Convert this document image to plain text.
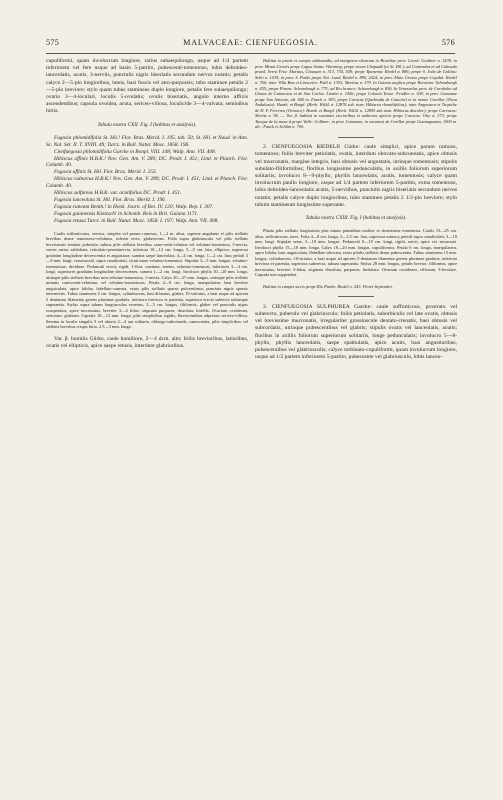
575	MALVACEAE: CIENFUEGOSIA.	576

cupuliformi, quam involucrum longiore, rarius subaequilongo, usque ad 1/4 partem inferiorem vel fere usque ad basin 5-partito, pubescenti-tomentoso, lobis deltoideo-lanceolatis, acutis, 3-nerviis, punctulis nigris biseriatis secundum nervos notatis; petalis calyce 2—5-plo longioribus, luteis, basi fuscis vel atro-purpureis; tubo staminee petalis 2—5-plo breviore; stylo quam tubus stamineus duplo longiore, petalis fere subaequilongo; ovario 3—4-loculari, loculis 5-ovulatis; ovulis biseriatis, angulo interno affixis ascendentibus; capsula ovoidea, acuta, sericeo-villosa, loculicide 3—4-valvata; seminibus hirtis.

Tabula nostra CXII. Fig. I (habitus et analysis).

Fugosia phlomidifolia St. Hil.! Flor. Bras. Merid. I. 195. tab. 50; St. Hil. et Naud. in Ann. Sc. Nat. Sér. II. T. XVIII. 49; Turcz. in Bull. Natur. Mosc. 1858. 196.

Cienfuegosia phlomidifolia Garcke in Bonpl. VIII. 148; Walp. Ann. VII. 408.

Hibiscus affinis H.B.K.! Nov. Gen. Am. V. 289; DC. Prodr. I. 451; Lind. et Planch. Flor. Columb. 40.

Fugosia affinis St. Hil. Flor. Bras. Merid. I. 253.

Hibiscus vulturcus H.B.K.! Nov. Gen. Am. V. 289; DC. Prodr. I. 451; Lind. et Planch. Flor. Columb. 40.

Hibiscus sulfureus H.B.K. var. acutifolius DC. Prodr. I. 451.

Fugosia lanceolata St. Hil. Flor. Bras. Merid. I. 196.

Fugosia cuneata Benth.! in Hook. Journ. of Bot. IV. 120; Walp. Rep. I. 307.

Fugosia guianensis Klotzsch! in Schomb. Reis in Brit. Guiana 1171.

Fugosia retusa Turcz. in Bull. Natur. Mosc. 1858. I. 197; Walp. Ann. VII. 408.

Caulis suffruticosus, erectus, simplex vel parum ramosus, 1—2 m. altus, superne angulatus et pilis stellatis brevibus dense tomentoso-velutinus, inferne teres, glabrescens. Folia supra glabriuscula vel pilis stellatis brevissimis tenuiter puberula, subtus pilis stellatis brevibus cano-venti-velutina vel velutino-tomentosa, 5-nervia, varius rarius sublobata, reticulato-penniinervia; inferiora 10—12 cm. longa, 5—9 cm. lata, elliptica; superiora gradatim longitudine decrescentia et angustiora; summa saepe lanceolata, 4—4 cm. longa, 1—2 cm. lata; petioli 3—8 mm. longi, crassiusculi, supra canaliculati, sicuti more velutino-tomentosi. Stipulae 3—5 mm. longae, velutino-tomentosae, deciduae. Pedunculi erecti, rigidi, 1-flori, continui, teretes, velutino-tomentosi, inferiores 3—4 cm. longi, superiores gradatim longitudine decrescentes, summi 1—2 cm. longi. Involucri phylla 10—20 mm. longa, utrinque pilis stellatis brevibus min velutino-tomentosa, 1-nervia. Calyx 20—27 mm. longus, utrinque pilis stellatis minutis canescenti-velutinus vel velutino-tomentosus. Petala 4—8 cm. longa, inaequilatera, basi breviter unguiculata, apice biloba, fabellato-cuneata, extus pilis stellatis sparse pulverulenta, punctata nigris sparsis intermixtis. Tubus staminens 2 cm. longus, cylindraceus, basi dilatatus, glaber, 10-sulcatus, a basi usque ad apicem 5 dentatum filamenta gerens plurimae gradatis, inferiora breviora et patentia, superiora erecta subtecta tubuisque superantia. Stylus supra tubum longiusculus exsertus, 3—5 cm. longus, filiformis, glaber vel punctulis nigris exasperatus, apice incrassatus, breviter 3—4 fidus; stigmata purpurea, dissoluta, hirtella. Ovarium ovoideum, sericeum, glabrum. Capsula 10—12 mm. longa, pilis simplicibus rigidis, flavescentibus adpressis sericeo-villosa. Semina in loculis singulis 5 vel abortu 2—4 aut solitaria, oblongo-subrotunda, canescentia, pilis simplicibus vel stellatis brevibus crispis hirta, 2.5—3 mm. longa.

Var. β. humilis Gürke, caule humiliore, 2—4 dcm. alto; foliis brevioribus, latioribus, ovatis vel ellipticis, apice saepe retusis, interdum glabrioribus.

Habitat in pratis et campis subhumidis, ad marginem silvarum in Brasiliae prov. Ceará: Gardner n. 1439; in prov. Minas Geraës prope Lagoa Santa: Warming; prope vicum Chapadã (ex St. Hil.); ad Contendas et ad Caboado praed. Serra Fria: Martius, Claussen n. 313, 734, 549; prope Ypanema: Riedel n. 886; prope S. João de Gollins: Sello n. 1439; in prov. S. Paulo prope Ytú: Lund, Riedel n. 890, 2024; in prov. Mato Grosso prope Cuyabá: Riedel n. 760; inter Villa Boa et Linoceiro: Pohl n. 1353; Martius n. 379. In Guiana anglica prope Roraima: Schomburgk n. 455; prope Pirara: Schomburgk n. 775; ad Rio branco: Schomburgk n. 856. In Venezuelas prov. de Carabobo ad Llanos de Camoruca et de San Carlos: Linden n. 1456; prope Colonia Tovar: Fendler n. 108; in prov. Cumanae prope San Antonio, alt. 600 m. Funck n. 383; prope Caracas (Quebrada de Catuche) et in monte Cavellar (Nova Andalusia): Humb. et Bonpl. (Herb. Willd. n. 12876 sub. nom. Hibiscus rhombifolius); inter Angostura et Tropiche de D. F. Ferreros (Orinoco): Humb. et Bonpl. (Herb. Willd. n. 12895 sub nom. Hibiscus discolor); prope Carracas: Moritz n. 96. — Var. β. habitat in savannis siccioribus et umbrosis apricis prope Caracas: Otto n. 373; prope Tunque de la mesa d prope Valle: Gollmer; in prov. Cumanae, in savannis de Carillar prope Guanaguama, 1000 m. alt.: Funck et Schlim n. 700.

2. CIENFUEGOSIA RIEDELII Gürke: caule simplici, apice parum ramoso, tomentoso; foliis breviter petiolatis, ovatis, interdum obovato-subcuneatis, apice obtusis vel mucronatis, margine integris, basi obtusis vel angustatis, utrinque tomentosis; stipulis subulato-filiformibus; floribus longissime pedunculatis, in axillis foliorum superiorum solitariis; involucro 8—9-phyllo, phyllis lanceolatis, acutis, tomentosis; calyce quam involucrum paullo longiore, usque ad 1/4 partem inferiorem 5-partito, extus tomentoso, lobis deltoideo-lanceolatis acutis, 5-nerviibus, punctulis nigris biseriatis secundum nervos notatis; petalis calyce duplo longioribus, tubo stamineo petalis 2 1/2-plo breviore; stylo tubum stamineum longissime superante.

Tabula nostra CXIII. Fig. I (habitus et analysis).

Planta pilis stellatis longissimis plus minus patentibus moliter et densissime tomentosa. Caulis 15—25 cm. altus, suffruticosus, teres. Folia 4—8 cm. longa, 3—3.5 cm. lata, superiora minora; petioli supra canaliculati, 3—10 mm. longi. Stipulae setae, 5—10 mm. longae. Pedunculi 6—10 cm. longi, rigidi, erecti, apice vix incrassati. Involucri phylla 15—18 mm. longa. Calyx 18—20 mm. longus, cupuliformis. Petala 6 cm. longa, inaequilatera, apice biloba, basi unguiculata, flabellato-obovata, extus pilulis stellatis dense pubescentia. Tubus staminens 15 mm. longus, cylindraceus, 10-striatus, a basi usque ad apicem 5-dentatum filamenta gerens plurimae gradatis; inferiora breviora et patentia, superiora suberecta, tubum superantia. Stylus 28 mm. longus, petalis brevior, filiformis, apice incrassatus, breviter 3-fidus; stigmata dissoluta, purpurea, fimbriata. Ovarium ovoideum, villosum, 3-loculare. Capsula non suppetebat.

Habitat in campis siccis prope Rio Pardo: Riedel n. 543. Floret Septembri.

3. CIENFUEGOSIA SULPHUREA Garcke: caule suffruticoso, prostrato vel suberecto, puberulo vel glabriusculo; foliis petiolatis, suborbiculis vel late ovatis, obtusis vel brevissime mucronatis, irregulariter grossiuscule dentato-crenatis, basi obtusis vel subcordatis, utrinque pubescentibus vel glabris; stipulis ovatis vel lanceolatis, acutis; floribus in axillis foliorum superiorum solitariis, longe pedunculatis; involucro 5—8-phyllo, phyllis lanceolatis, saepe spathulatis, apice acutis, basi angustioribus, pubescentibus vel glabriusculis; calyce turbinato-cupuliformi, quam involucrum longiore, usque ad 1/2 partem inferiorem 5-partito, pubescente vel glabriusculo, lobis lanceo-
